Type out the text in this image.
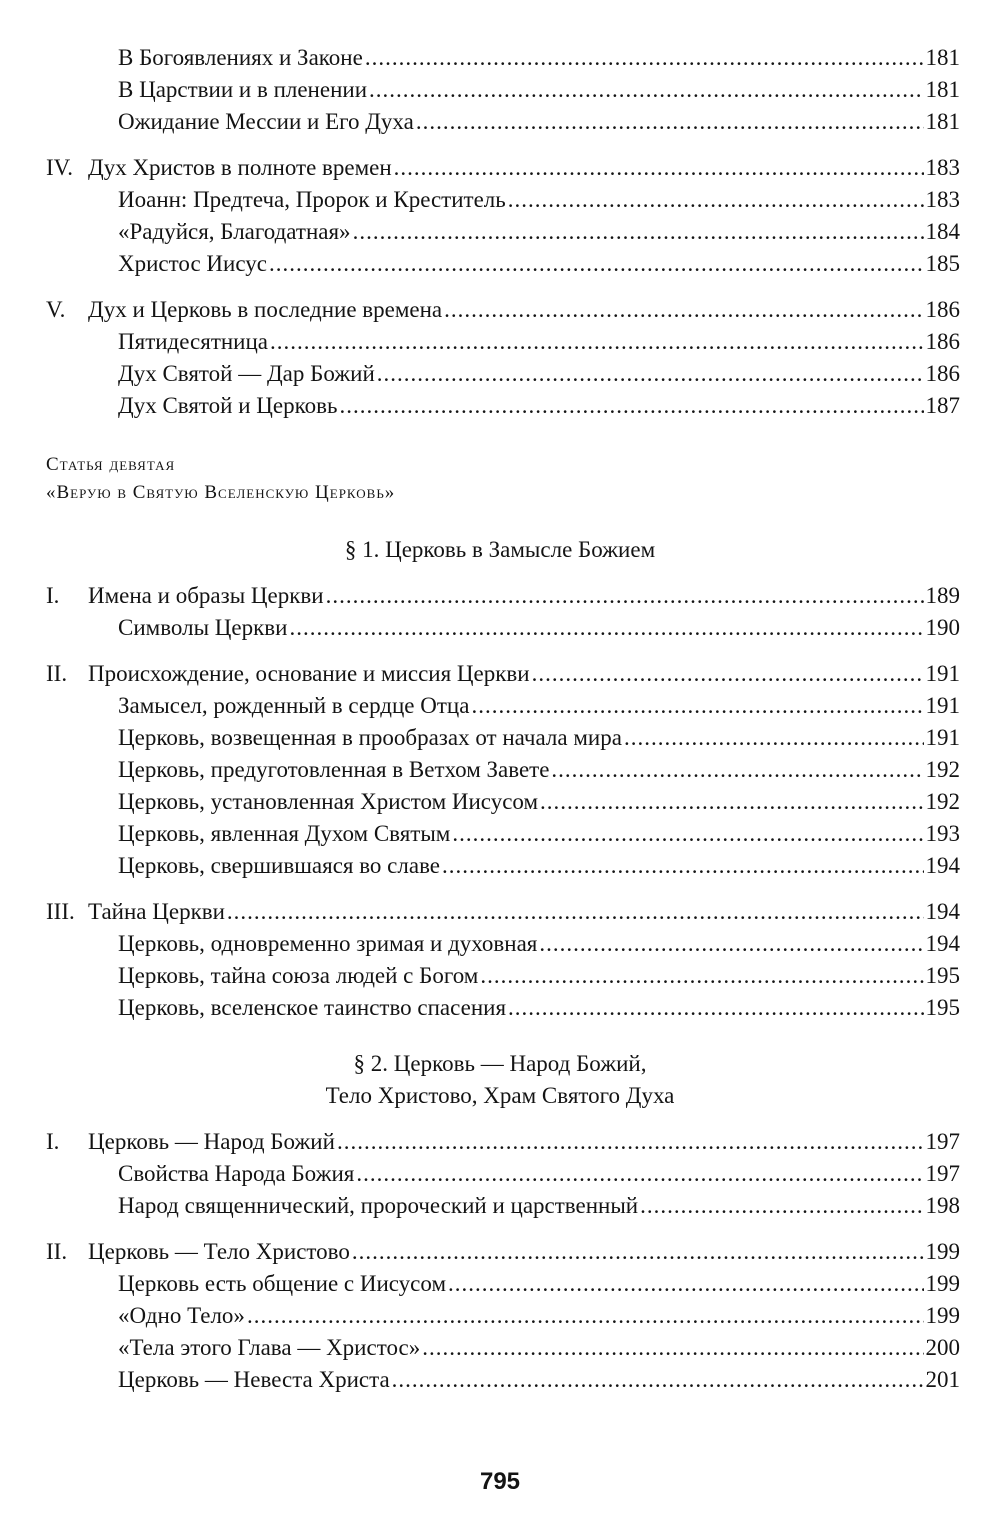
В Богоявлениях и Законе .....	181
В Царствии и в пленении .....	181
Ожидание Мессии и Его Духа .....	181
IV. Дух Христов в полноте времен .....	183
Иоанн: Предтеча, Пророк и Креститель .....	183
«Радуйся, Благодатная» .....	184
Христос Иисус .....	185
V. Дух и Церковь в последние времена .....	186
Пятидесятница .....	186
Дух Святой — Дар Божий .....	186
Дух Святой и Церковь .....	187
Статья девятая
«Верую в Святую Вселенскую Церковь»
§ 1. Церковь в Замысле Божием
I.	Имена и образы Церкви .....	189
Символы Церкви .....	190
II. Происхождение, основание и миссия Церкви .....	191
Замысел, рожденный в сердце Отца .....	191
Церковь, возвещенная в прообразах от начала мира .....	191
Церковь, предуготовленная в Ветхом Завете .....	192
Церковь, установленная Христом Иисусом .....	192
Церковь, явленная Духом Святым .....	193
Церковь, свершившаяся во славе .....	194
III. Тайна Церкви .....	194
Церковь, одновременно зримая и духовная .....	194
Церковь, тайна союза людей с Богом .....	195
Церковь, вселенское таинство спасения .....	195
§ 2. Церковь — Народ Божий,
Тело Христово, Храм Святого Духа
I.	Церковь — Народ Божий .....	197
Свойства Народа Божия .....	197
Народ священнический, пророческий и царственный .....	198
II. Церковь — Тело Христово .....	199
Церковь есть общение с Иисусом .....	199
«Одно Тело» .....	199
«Тела этого Глава — Христос» .....	200
Церковь — Невеста Христа .....	201
795
